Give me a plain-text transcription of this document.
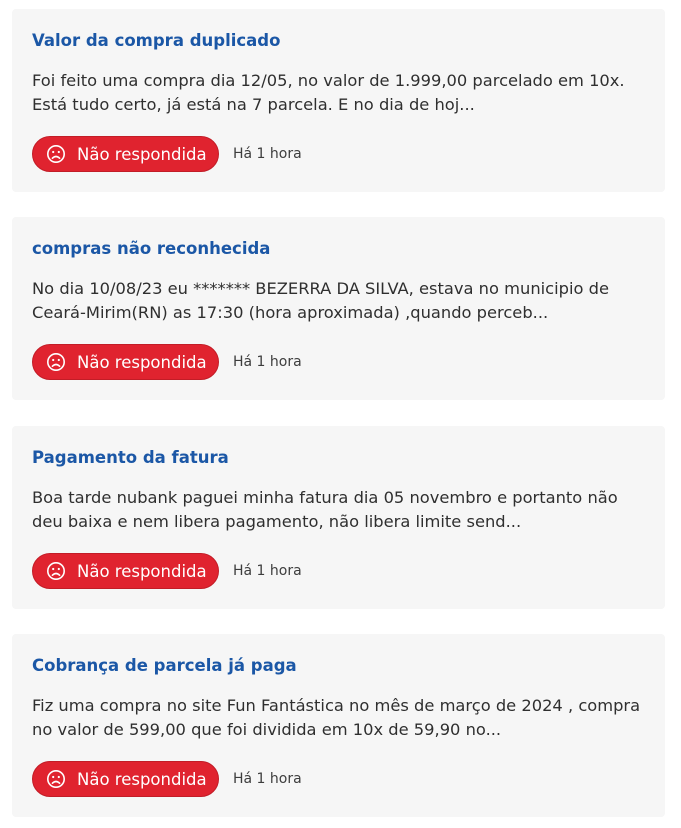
Valor da compra duplicado
Foi feito uma compra dia 12/05, no valor de 1.999,00 parcelado em 10x.
Está tudo certo, já está na 7 parcela. E no dia de hoj...
Não respondida Há 1 hora
compras não reconhecida
No dia 10/08/23 eu ******* BEZERRA DA SILVA, estava no municipio de
Ceará-Mirim(RN) as 17:30 (hora aproximada) ,quando perceb...
Não respondida Há 1 hora
Pagamento da fatura
Boa tarde nubank paguei minha fatura dia 05 novembro e portanto não
deu baixa e nem libera pagamento, não libera limite send...
Não respondida Há 1 hora
Cobrança de parcela já paga
Fiz uma compra no site Fun Fantástica no mês de março de 2024 , compra
no valor de 599,00 que foi dividida em 10x de 59,90 no...
Não respondida Há 1 hora
